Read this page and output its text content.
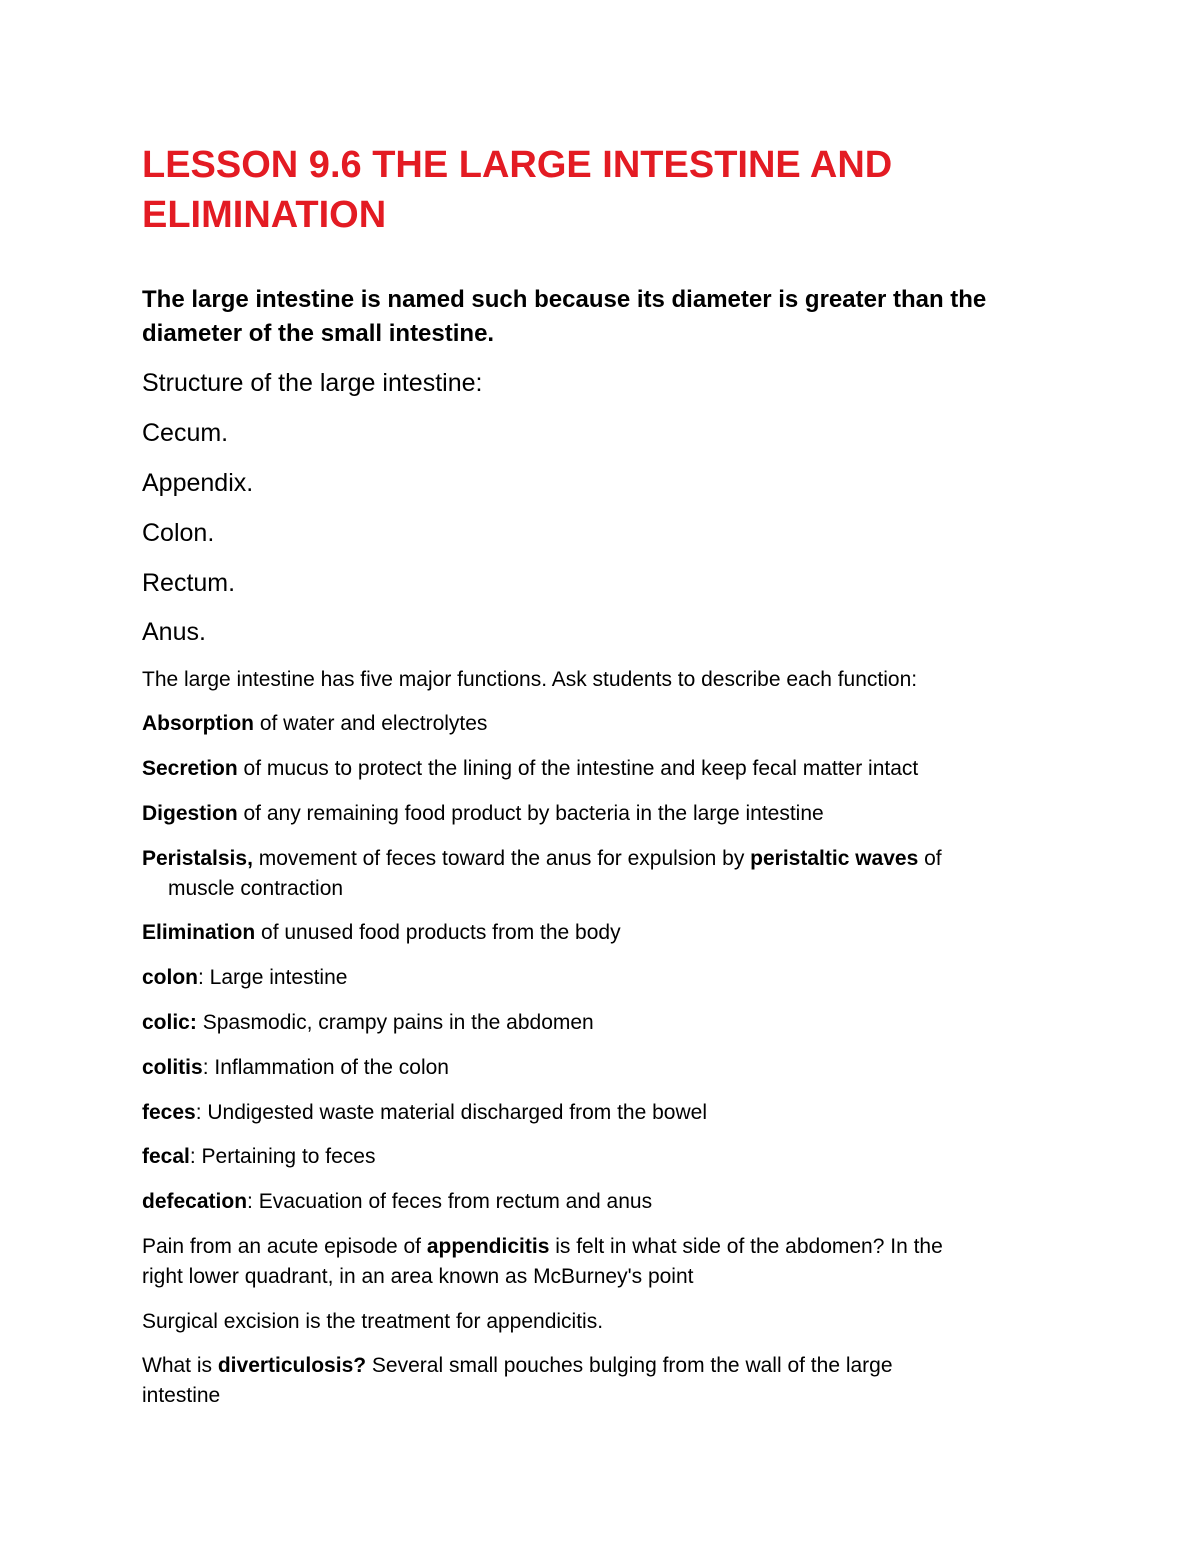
LESSON 9.6 THE LARGE INTESTINE AND ELIMINATION

The large intestine is named such because its diameter is greater than the
diameter of the small intestine.

Structure of the large intestine:

Cecum.

Appendix.

Colon.

Rectum.

Anus.

The large intestine has five major functions. Ask students to describe each function:

Absorption of water and electrolytes

Secretion of mucus to protect the lining of the intestine and keep fecal matter intact

Digestion of any remaining food product by bacteria in the large intestine

Peristalsis, movement of feces toward the anus for expulsion by peristaltic waves of
muscle contraction

Elimination of unused food products from the body

colon: Large intestine

colic: Spasmodic, crampy pains in the abdomen

colitis: Inflammation of the colon

feces: Undigested waste material discharged from the bowel

fecal: Pertaining to feces

defecation: Evacuation of feces from rectum and anus

Pain from an acute episode of appendicitis is felt in what side of the abdomen? In the
right lower quadrant, in an area known as McBurney's point

Surgical excision is the treatment for appendicitis.

What is diverticulosis? Several small pouches bulging from the wall of the large
intestine
